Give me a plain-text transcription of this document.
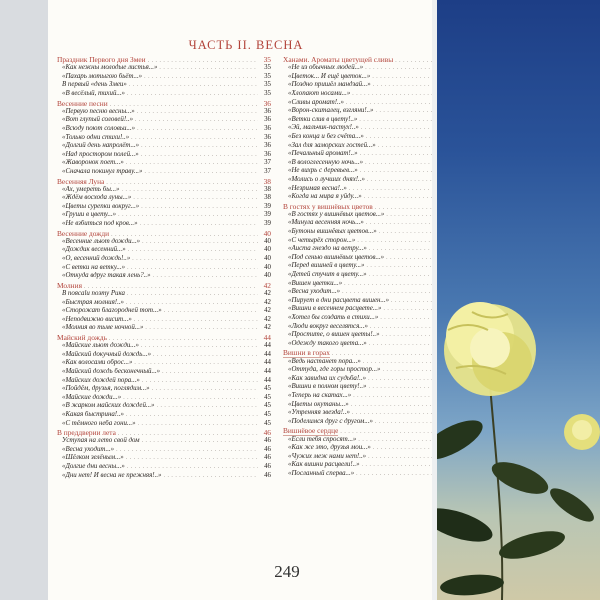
ЧАСТЬ II. ВЕСНА
Праздник Первого дня Змеи . . .	35
«Как нежны молодые листья...» . . .	35
«Пахарь мотыгою бьёт...» . . .	35
В первый «день Змеи» . . .	35
«В весёлый, тихий...» . . .	35
Весенние песни . . .	36
«Первую песню весны...» . . .	36
«Вот глупый соловей!..» . . .	36
«Всюду поют соловьи...» . . .	36
«Только одни стихи!..» . . .	36
«Долгий день напролёт...» . . .	36
«Над простором полей...» . . .	36
«Жаворонок поет...» . . .	37
«Сначала покинул траву...» . . .	37
Весенняя Луна . . .	38
«Ах, умереть бы...» . . .	38
«Ждём восхода луны...» . . .	38
«Цветы сурепки вокруг...» . . .	39
«Груши в цвету...» . . .	39
«Не взбиться под кров...» . . .	39
Весенние дожди . . .	40
«Весенние льют дожди...» . . .	40
«Дождик весенний...» . . .	40
«О, весенний дождь!..» . . .	40
«С ветки на ветку...» . . .	40
«Откуда вдруг такая лень?..» . . .	40
Молния . . .	42
В поясalu поэту Рика . . .	42
«Быстрая молния!..» . . .	42
«Сторожат благородней тот...» . . .	42
«Неподвижно висит...» . . .	42
«Молния во тьме ночной...» . . .	42
Майский дождь . . .	44
«Майские льют дожди...» . . .	44
«Майский докучный дождь...» . . .	44
«Как волосами оброс...» . . .	44
«Майский дождь бесконечный...» . . .	44
«Майских дождей пора...» . . .	44
«Пойдём, друзья, поглядим...» . . .	45
«Майские дожди...» . . .	45
«В жарком майских дождей...» . . .	45
«Какая быстрина!..» . . .	45
«С тёмного неба гони...» . . .	45
В преддверии лета . . .	46
Уступая на лето свой дом . . .	46
«Весна уходит...» . . .	46
«Шёлком зелёным...» . . .	46
«Долгие дни весны...» . . .	46
«Дни нет! И весна не прежняя!..» . . .	46
Ханами. Ароматы цветущей сливы
. . .
«Не из обычных людей...»
. . .
«Цветок... И ещё цветок...»
. . .
«Поздно пришёл мандзай...»
. . .
«Хлопают носами...»
. . .
«Сливы аромат!..»
. . .
«Ворон-скиталец, взгляни!..»
. . .
«Ветки слив в цвету!..»
. . .
«Эй, мальчик-пастух!..»
. . .
«Без конца и без счёта...»
. . .
«Зал для заморских гостей...»
. . .
«Печальный аромат!..»
. . .
«В вологлесенную ночь...»
. . .
«Не вихрь с деревьев...»
. . .
«Молись о лучших днях!..»
. . .
«Незримая весна!..»
. . .
«Когда на мира я уйду...»
. . .
В гостях у вишнёвых цветов
. . .
«В гостях у вишнёвых цветов...»
. . .
«Минула весенняя ночь...»
. . .
«Бутоны вишнёвых цветов...»
. . .
«С четырёх сторон...»
. . .
«Аиста гнездо на ветру...»
. . .
«Под сенью вишнёвых цветов...»
. . .
«Перед вишней в цвету...»
. . .
«Детей стучит в цвету...»
. . .
«Вишен цветки...»
. . .
«Весна уходит...»
. . .
«Пирует в дни расцвета вишен...»
. . .
«Вишни в весеннем расцвете...»
. . .
«Хотел бы создать в стихи...»
. . .
«Люди вокруг веселятся...»
. . .
«Простите, о вишен цветы!..»
. . .
«Одежду такого цвета...»
. . .
Вишни в горах
. . .
«Ведь настанет пора...»
. . .
«Оттуда, где горы простор...»
. . .
«Как завидна их судьба!..»
. . .
«Вишни в полном цвету!..»
. . .
«Теперь на скатах...»
. . .
«Цветы окутаны...»
. . .
«Утренняя звезда!..»
. . .
«Поделимся друг с другом...»
. . .
Вишнёвое сердце
. . .
«Если тебя спросят...»
. . .
«Как же это, друзья мои...»
. . .
«Чужих меж нами нет!..»
. . .
«Как вишни расцвели!..»
. . .
«Посланный сперва...»
. . .
249
